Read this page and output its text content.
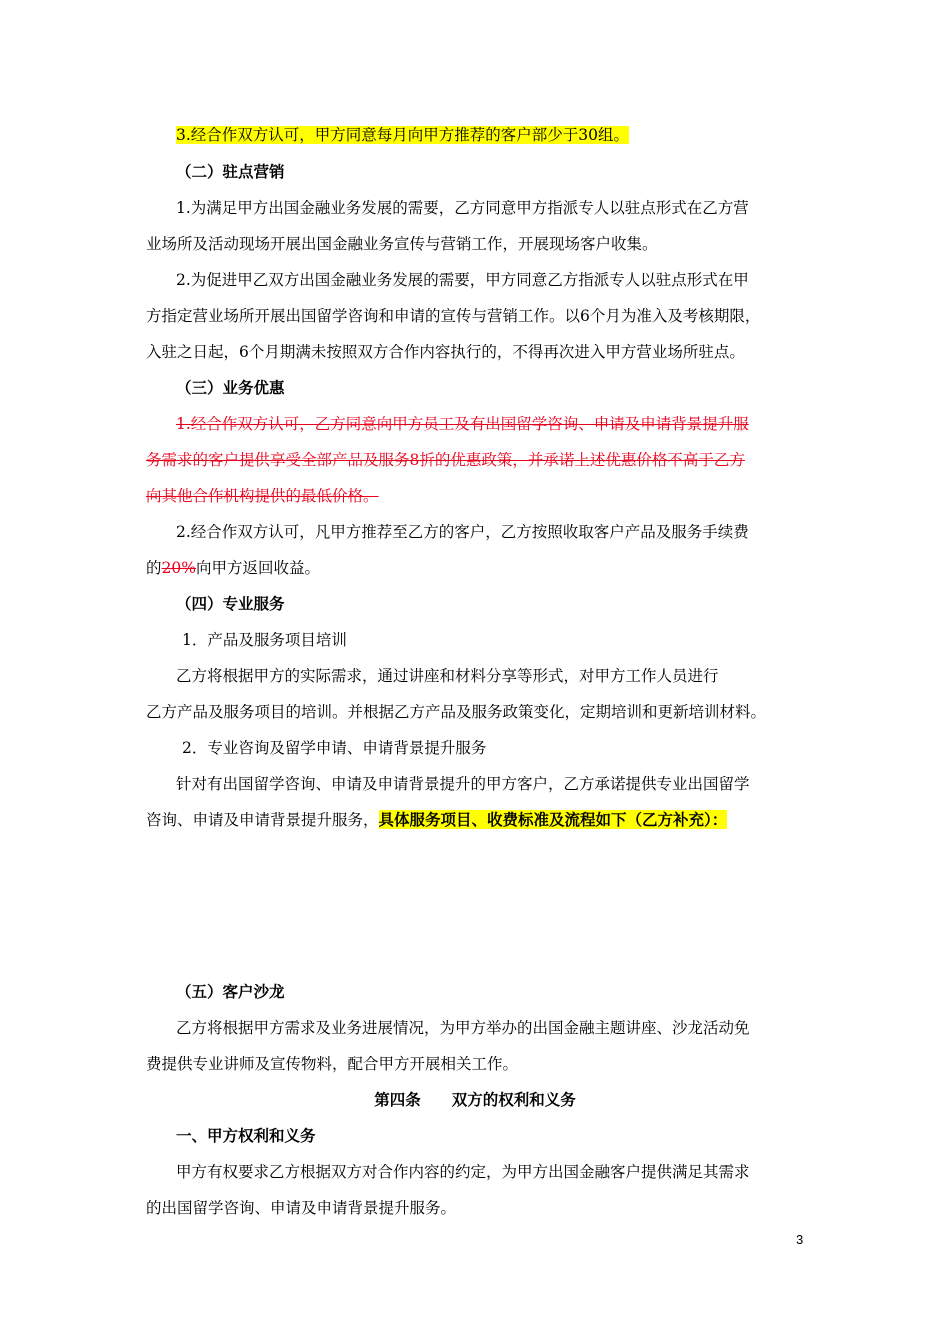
3.经合作双方认可，甲方同意每月向甲方推荐的客户部少于30组。
（二）驻点营销
1.为满足甲方出国金融业务发展的需要，乙方同意甲方指派专人以驻点形式在乙方营
业场所及活动现场开展出国金融业务宣传与营销工作，开展现场客户收集。
2.为促进甲乙双方出国金融业务发展的需要，甲方同意乙方指派专人以驻点形式在甲
方指定营业场所开展出国留学咨询和申请的宣传与营销工作。以6个月为准入及考核期限，
入驻之日起，6个月期满未按照双方合作内容执行的，不得再次进入甲方营业场所驻点。
（三）业务优惠
1.经合作双方认可，乙方同意向甲方员工及有出国留学咨询、申请及申请背景提升服
务需求的客户提供享受全部产品及服务8折的优惠政策，并承诺上述优惠价格不高于乙方
向其他合作机构提供的最低价格。
2.经合作双方认可，凡甲方推荐至乙方的客户，乙方按照收取客户产品及服务手续费
的20%向甲方返回收益。
（四）专业服务
1．产品及服务项目培训
乙方将根据甲方的实际需求，通过讲座和材料分享等形式，对甲方工作人员进行
乙方产品及服务项目的培训。并根据乙方产品及服务政策变化，定期培训和更新培训材料。
2．专业咨询及留学申请、申请背景提升服务
针对有出国留学咨询、申请及申请背景提升的甲方客户，乙方承诺提供专业出国留学
咨询、申请及申请背景提升服务，具体服务项目、收费标准及流程如下（乙方补充）：
（五）客户沙龙
乙方将根据甲方需求及业务进展情况，为甲方举办的出国金融主题讲座、沙龙活动免
费提供专业讲师及宣传物料，配合甲方开展相关工作。
第四条　　双方的权利和义务
一、甲方权利和义务
甲方有权要求乙方根据双方对合作内容的约定，为甲方出国金融客户提供满足其需求
的出国留学咨询、申请及申请背景提升服务。
3
